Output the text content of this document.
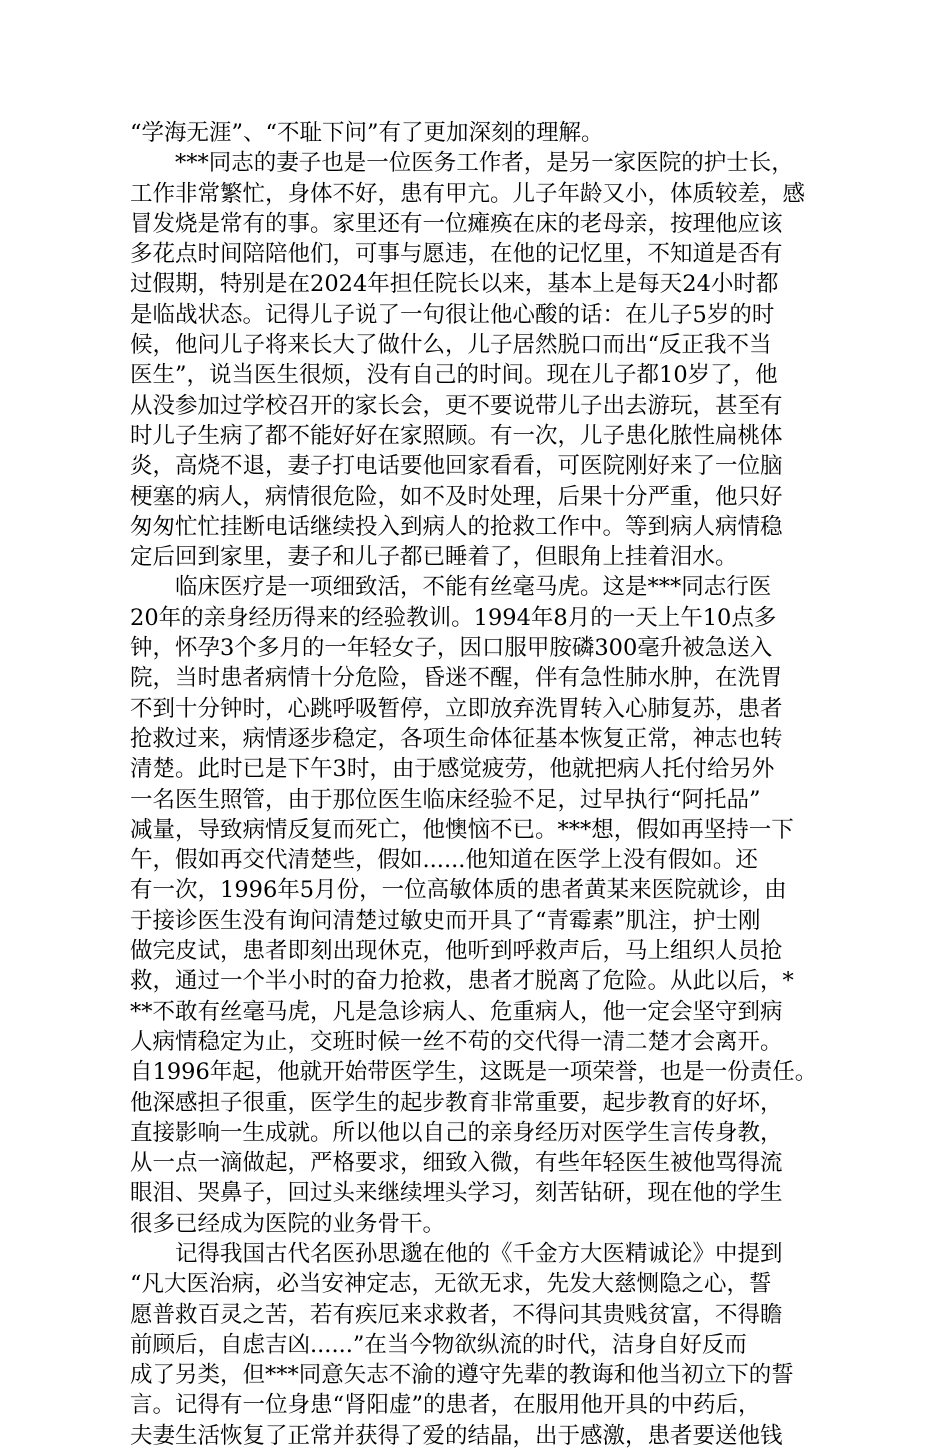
“学海无涯”、“不耻下问”有了更加深刻的理解。
　　***同志的妻子也是一位医务工作者，是另一家医院的护士长，
工作非常繁忙，身体不好，患有甲亢。儿子年龄又小，体质较差，感
冒发烧是常有的事。家里还有一位瘫痪在床的老母亲，按理他应该
多花点时间陪陪他们，可事与愿违，在他的记忆里，不知道是否有
过假期，特别是在2024年担任院长以来，基本上是每天24小时都
是临战状态。记得儿子说了一句很让他心酸的话：在儿子5岁的时
候，他问儿子将来长大了做什么，儿子居然脱口而出“反正我不当
医生”，说当医生很烦，没有自己的时间。现在儿子都10岁了，他
从没参加过学校召开的家长会，更不要说带儿子出去游玩，甚至有
时儿子生病了都不能好好在家照顾。有一次，儿子患化脓性扁桃体
炎，高烧不退，妻子打电话要他回家看看，可医院刚好来了一位脑
梗塞的病人，病情很危险，如不及时处理，后果十分严重，他只好
匆匆忙忙挂断电话继续投入到病人的抢救工作中。等到病人病情稳
定后回到家里，妻子和儿子都已睡着了，但眼角上挂着泪水。
　　临床医疗是一项细致活，不能有丝毫马虎。这是***同志行医
20年的亲身经历得来的经验教训。1994年8月的一天上午10点多
钟，怀孕3个多月的一年轻女子，因口服甲胺磷300毫升被急送入
院，当时患者病情十分危险，昏迷不醒，伴有急性肺水肿，在洗胃
不到十分钟时，心跳呼吸暂停，立即放弃洗胃转入心肺复苏，患者
抢救过来，病情逐步稳定，各项生命体征基本恢复正常，神志也转
清楚。此时已是下午3时，由于感觉疲劳，他就把病人托付给另外
一名医生照管，由于那位医生临床经验不足，过早执行“阿托品”
减量，导致病情反复而死亡，他懊恼不已。***想，假如再坚持一下
午，假如再交代清楚些，假如......他知道在医学上没有假如。还
有一次，1996年5月份，一位高敏体质的患者黄某来医院就诊，由
于接诊医生没有询问清楚过敏史而开具了“青霉素”肌注，护士刚
做完皮试，患者即刻出现休克，他听到呼救声后，马上组织人员抢
救，通过一个半小时的奋力抢救，患者才脱离了危险。从此以后，*
**不敢有丝毫马虎，凡是急诊病人、危重病人，他一定会坚守到病
人病情稳定为止，交班时候一丝不苟的交代得一清二楚才会离开。
自1996年起，他就开始带医学生，这既是一项荣誉，也是一份责任。
他深感担子很重，医学生的起步教育非常重要，起步教育的好坏，
直接影响一生成就。所以他以自己的亲身经历对医学生言传身教，
从一点一滴做起，严格要求，细致入微，有些年轻医生被他骂得流
眼泪、哭鼻子，回过头来继续埋头学习，刻苦钻研，现在他的学生
很多已经成为医院的业务骨干。
　　记得我国古代名医孙思邈在他的《千金方大医精诚论》中提到
“凡大医治病，必当安神定志，无欲无求，先发大慈恻隐之心，誓
愿普救百灵之苦，若有疾厄来求救者，不得问其贵贱贫富，不得瞻
前顾后，自虑吉凶......”在当今物欲纵流的时代，洁身自好反而
成了另类，但***同意矢志不渝的遵守先辈的教诲和他当初立下的誓
言。记得有一位身患“肾阳虚”的患者，在服用他开具的中药后，
夫妻生活恢复了正常并获得了爱的结晶，出于感激，患者要送他钱
